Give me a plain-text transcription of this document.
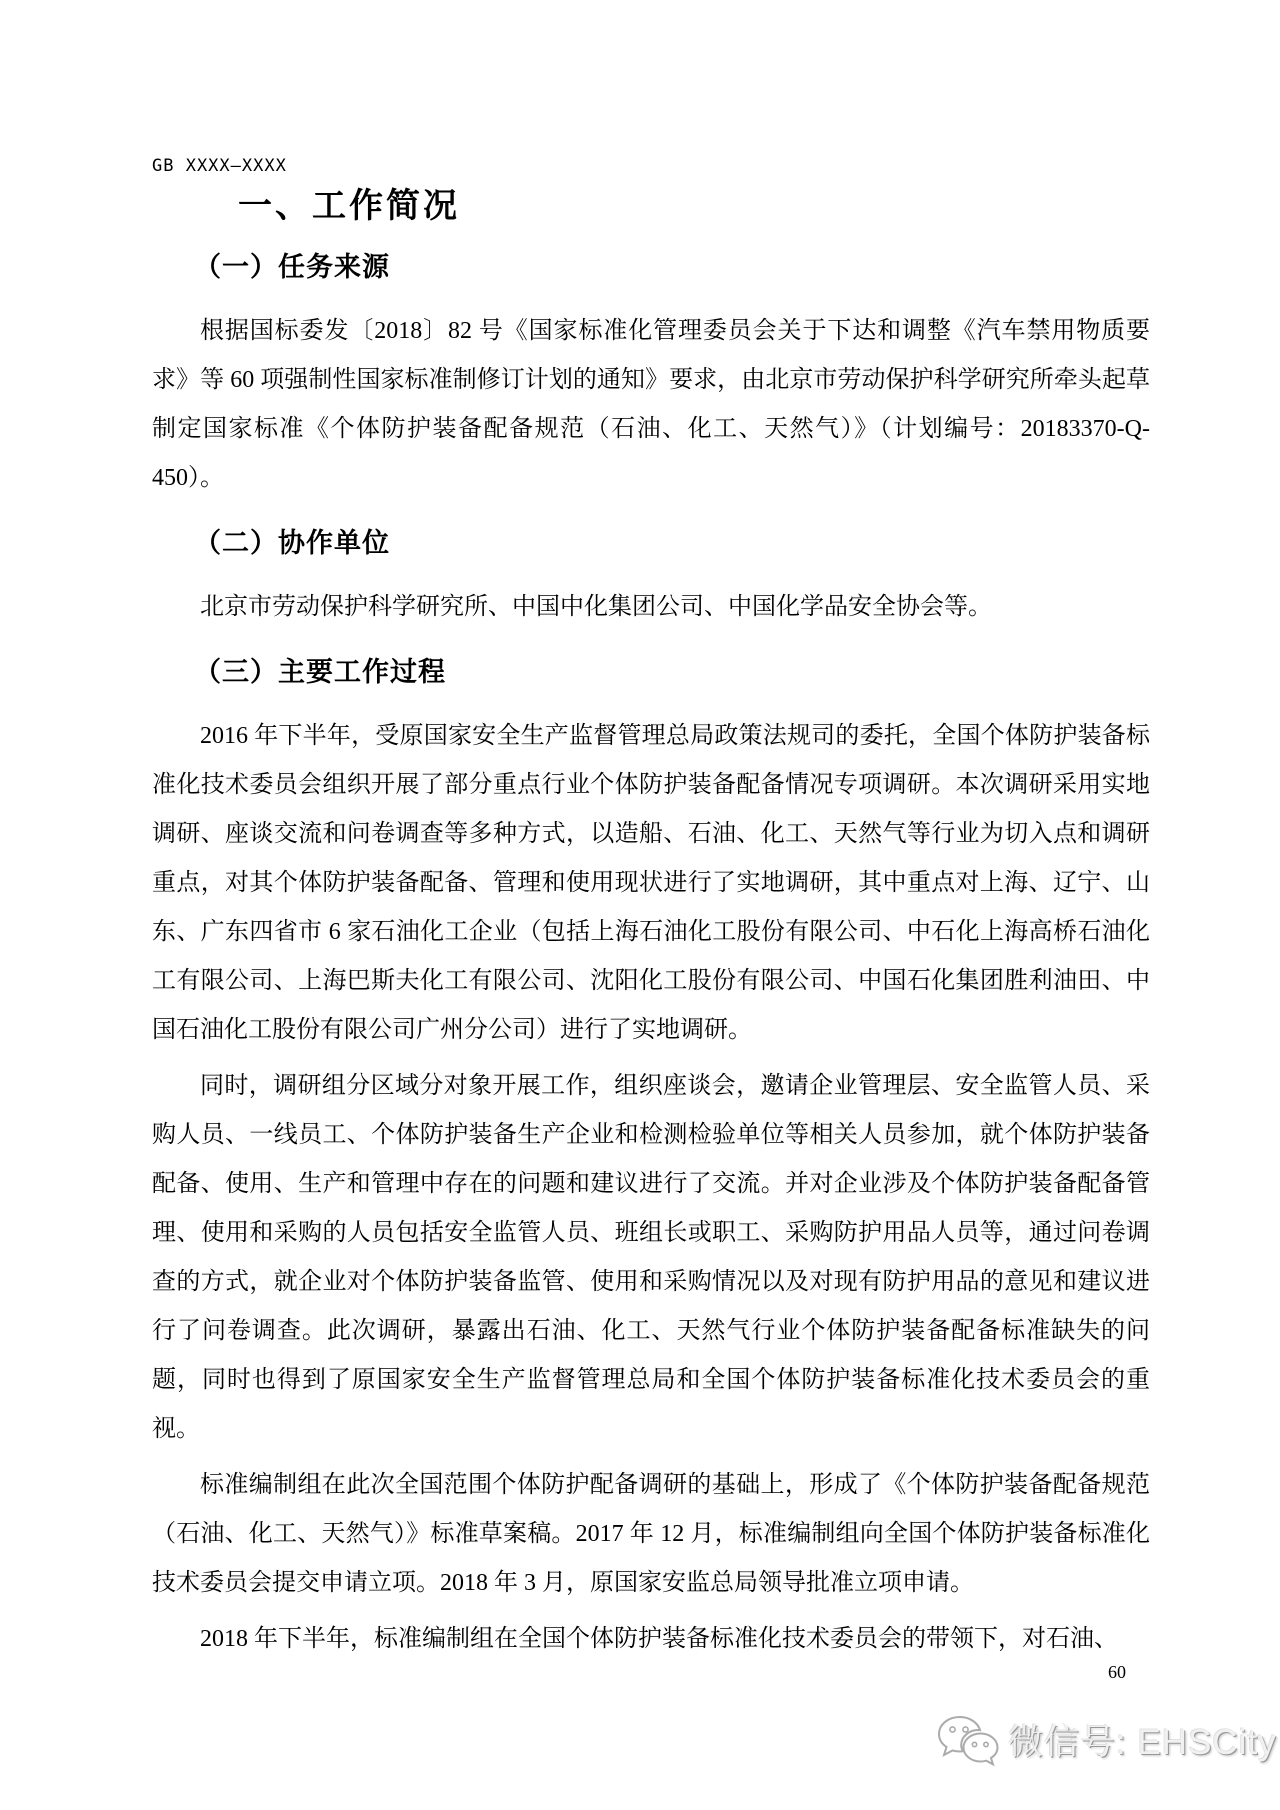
GB XXXX—XXXX
一、工作简况
（一）任务来源

根据国标委发〔2018〕82 号《国家标准化管理委员会关于下达和调整《汽车禁用物质要求》等 60 项强制性国家标准制修订计划的通知》要求，由北京市劳动保护科学研究所牵头起草制定国家标准《个体防护装备配备规范（石油、化工、天然气）》（计划编号：20183370-Q-450）。

（二）协作单位

北京市劳动保护科学研究所、中国中化集团公司、中国化学品安全协会等。

（三）主要工作过程

2016 年下半年，受原国家安全生产监督管理总局政策法规司的委托，全国个体防护装备标准化技术委员会组织开展了部分重点行业个体防护装备配备情况专项调研。本次调研采用实地调研、座谈交流和问卷调查等多种方式，以造船、石油、化工、天然气等行业为切入点和调研重点，对其个体防护装备配备、管理和使用现状进行了实地调研，其中重点对上海、辽宁、山东、广东四省市 6 家石油化工企业（包括上海石油化工股份有限公司、中石化上海高桥石油化工有限公司、上海巴斯夫化工有限公司、沈阳化工股份有限公司、中国石化集团胜利油田、中国石油化工股份有限公司广州分公司）进行了实地调研。

同时，调研组分区域分对象开展工作，组织座谈会，邀请企业管理层、安全监管人员、采购人员、一线员工、个体防护装备生产企业和检测检验单位等相关人员参加，就个体防护装备配备、使用、生产和管理中存在的问题和建议进行了交流。并对企业涉及个体防护装备配备管理、使用和采购的人员包括安全监管人员、班组长或职工、采购防护用品人员等，通过问卷调查的方式，就企业对个体防护装备监管、使用和采购情况以及对现有防护用品的意见和建议进行了问卷调查。此次调研，暴露出石油、化工、天然气行业个体防护装备配备标准缺失的问题，同时也得到了原国家安全生产监督管理总局和全国个体防护装备标准化技术委员会的重视。

标准编制组在此次全国范围个体防护配备调研的基础上，形成了《个体防护装备配备规范（石油、化工、天然气）》标准草案稿。2017 年 12 月，标准编制组向全国个体防护装备标准化技术委员会提交申请立项。2018 年 3 月，原国家安监总局领导批准立项申请。

2018 年下半年，标准编制组在全国个体防护装备标准化技术委员会的带领下，对石油、

60
微信号: EHSCity
